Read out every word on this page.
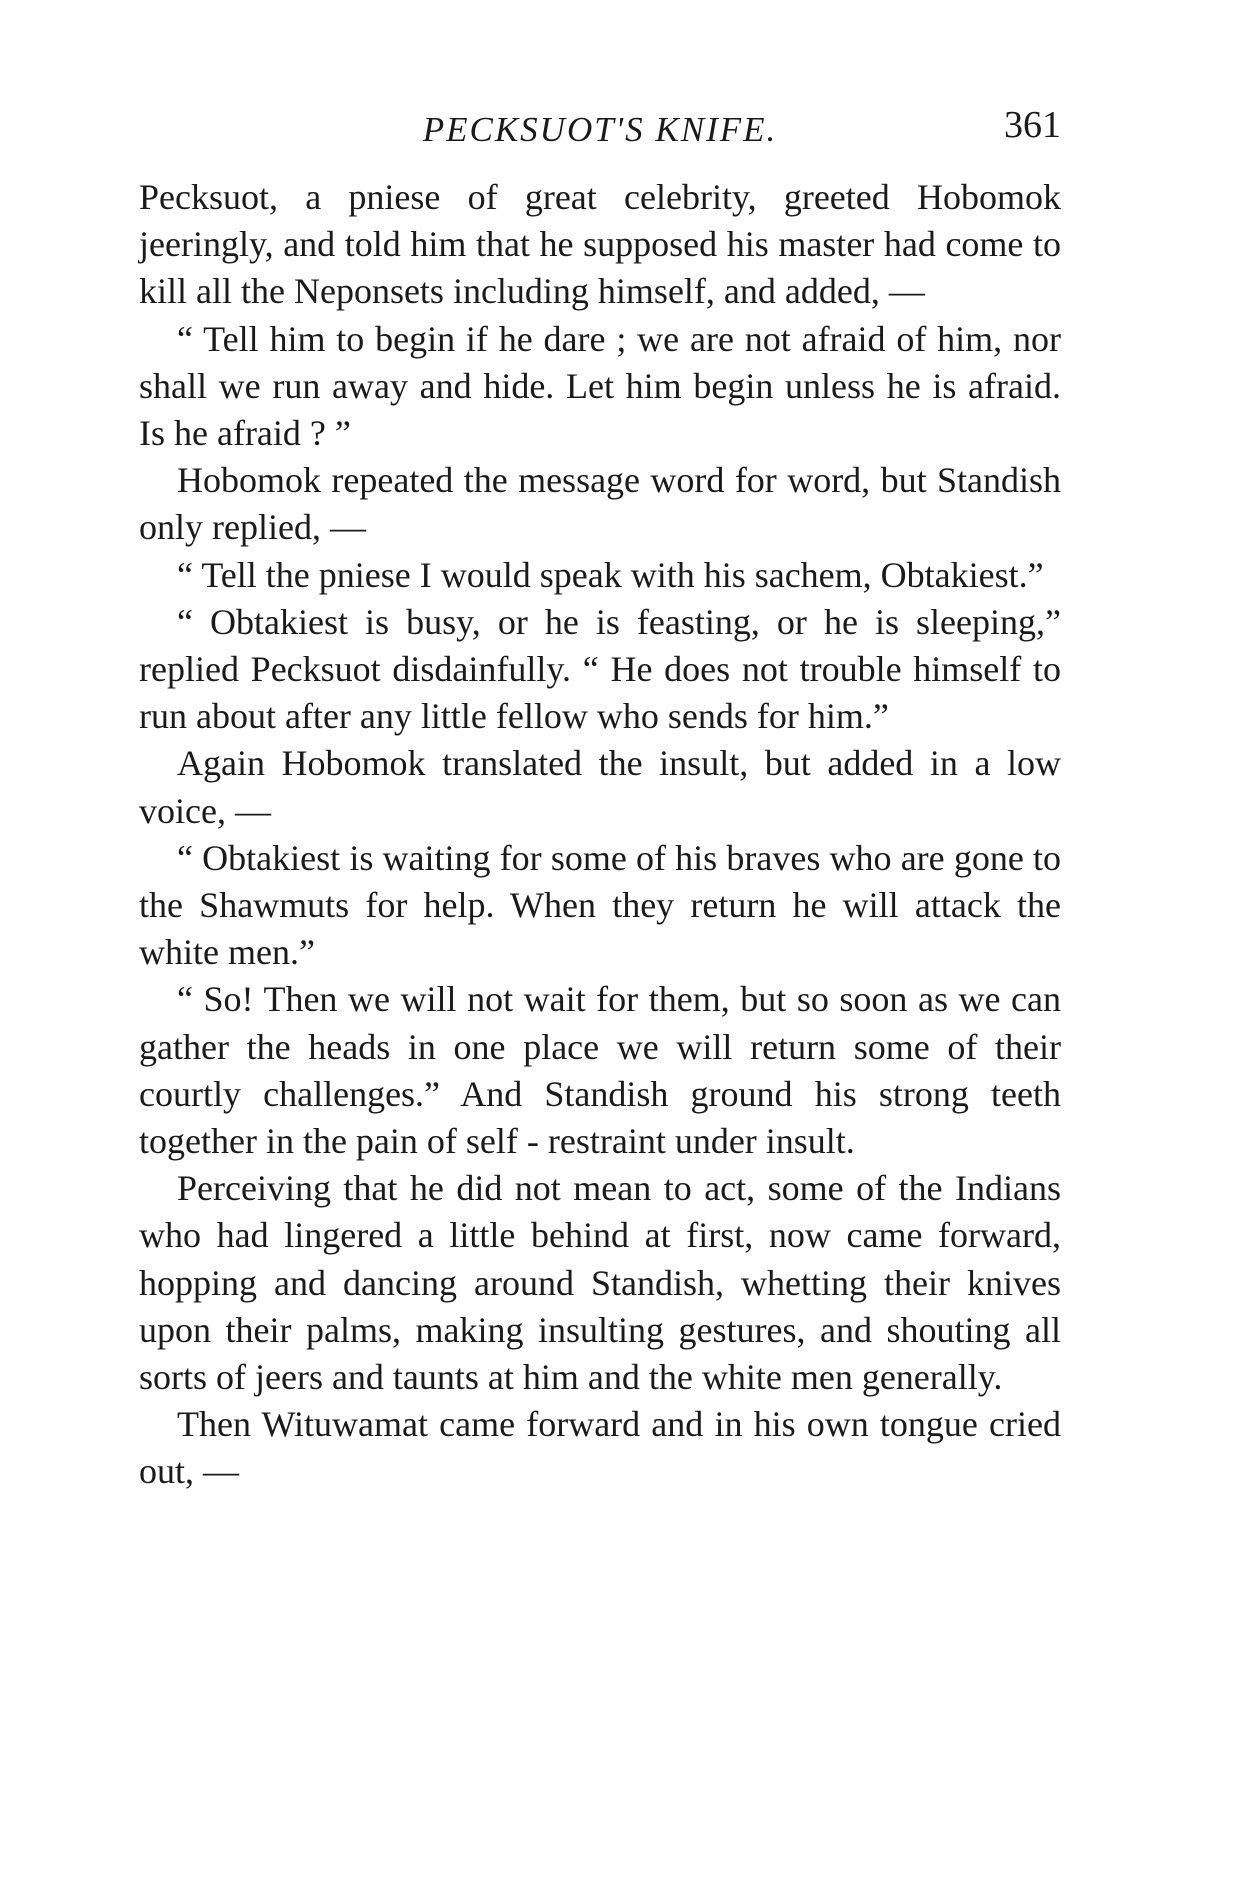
PECKSUOT'S KNIFE.	361

Pecksuot, a pniese of great celebrity, greeted Hobomok jeeringly, and told him that he supposed his master had come to kill all the Neponsets including himself, and added, —

“ Tell him to begin if he dare ; we are not afraid of him, nor shall we run away and hide. Let him begin unless he is afraid. Is he afraid ? ”

Hobomok repeated the message word for word, but Standish only replied, —

“ Tell the pniese I would speak with his sachem, Obtakiest.”

“ Obtakiest is busy, or he is feasting, or he is sleeping,” replied Pecksuot disdainfully. “ He does not trouble himself to run about after any little fellow who sends for him.”

Again Hobomok translated the insult, but added in a low voice, —

“ Obtakiest is waiting for some of his braves who are gone to the Shawmuts for help. When they return he will attack the white men.”

“ So! Then we will not wait for them, but so soon as we can gather the heads in one place we will return some of their courtly challenges.” And Standish ground his strong teeth together in the pain of self - restraint under insult.

Perceiving that he did not mean to act, some of the Indians who had lingered a little behind at first, now came forward, hopping and dancing around Standish, whetting their knives upon their palms, making insulting gestures, and shouting all sorts of jeers and taunts at him and the white men generally.

Then Wituwamat came forward and in his own tongue cried out, —
